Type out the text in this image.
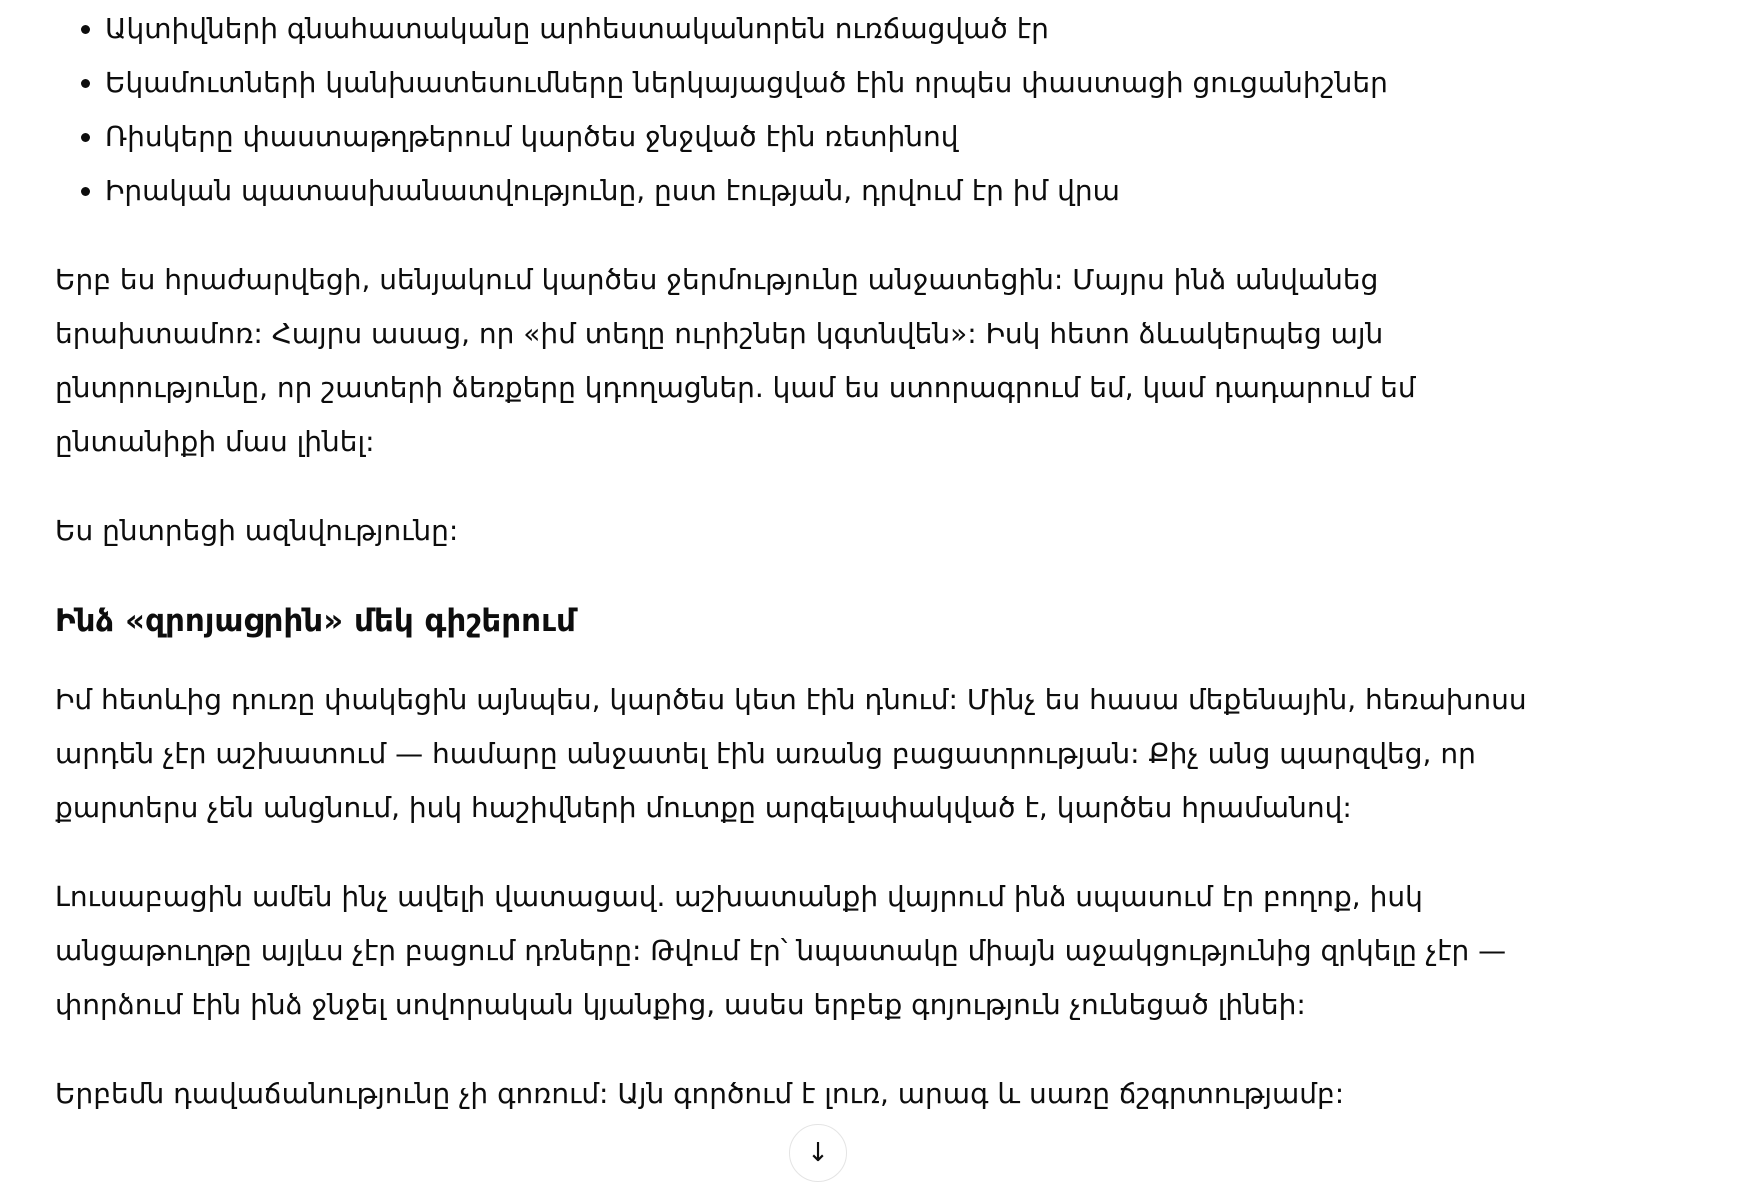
• Ակտիվների գնահատականը արհեստականորեն ուռճացված էր
• Եկամուտների կանխատեսումները ներկայացված էին որպես փաստացի ցուցանիշներ
• Ռիսկերը փաստաթղթերում կարծես ջնջված էին ռետինով
• Իրական պատասխանատվությունը, ըստ էության, դրվում էր իմ վրա
Երբ ես հրաժարվեցի, սենյակում կարծես ջերմությունը անջատեցին: Մայրս ինձ անվանեց
երախտամոռ: Հայրս ասաց, որ «իմ տեղը ուրիշներ կգտնվեն»: Իսկ հետո ձևակերպեց այն
ընտրությունը, որ շատերի ձեռքերը կդողացներ. կամ ես ստորագրում եմ, կամ դադարում եմ
ընտանիքի մաս լինել:
Ես ընտրեցի ազնվությունը:
Ինձ «զրոյացրին» մեկ գիշերում
Իմ հետևից դուռը փակեցին այնպես, կարծես կետ էին դնում: Մինչ ես հասա մեքենային, հեռախոսս
արդեն չէր աշխատում — համարը անջատել էին առանց բացատրության: Քիչ անց պարզվեց, որ
քարտերս չեն անցնում, իսկ հաշիվների մուտքը արգելափակված է, կարծես հրամանով:
Լուսաբացին ամեն ինչ ավելի վատացավ. աշխատանքի վայրում ինձ սպասում էր բողոք, իսկ
անցաթուղթը այլևս չէր բացում դռները: Թվում էր՝ նպատակը միայն աջակցությունից զրկելը չէր —
փորձում էին ինձ ջնջել սովորական կյանքից, ասես երբեք գոյություն չունեցած լինեի:
Երբեմն դավաճանությունը չի գոռում: Այն գործում է լուռ, արագ և սառը ճշգրտությամբ:
↓
